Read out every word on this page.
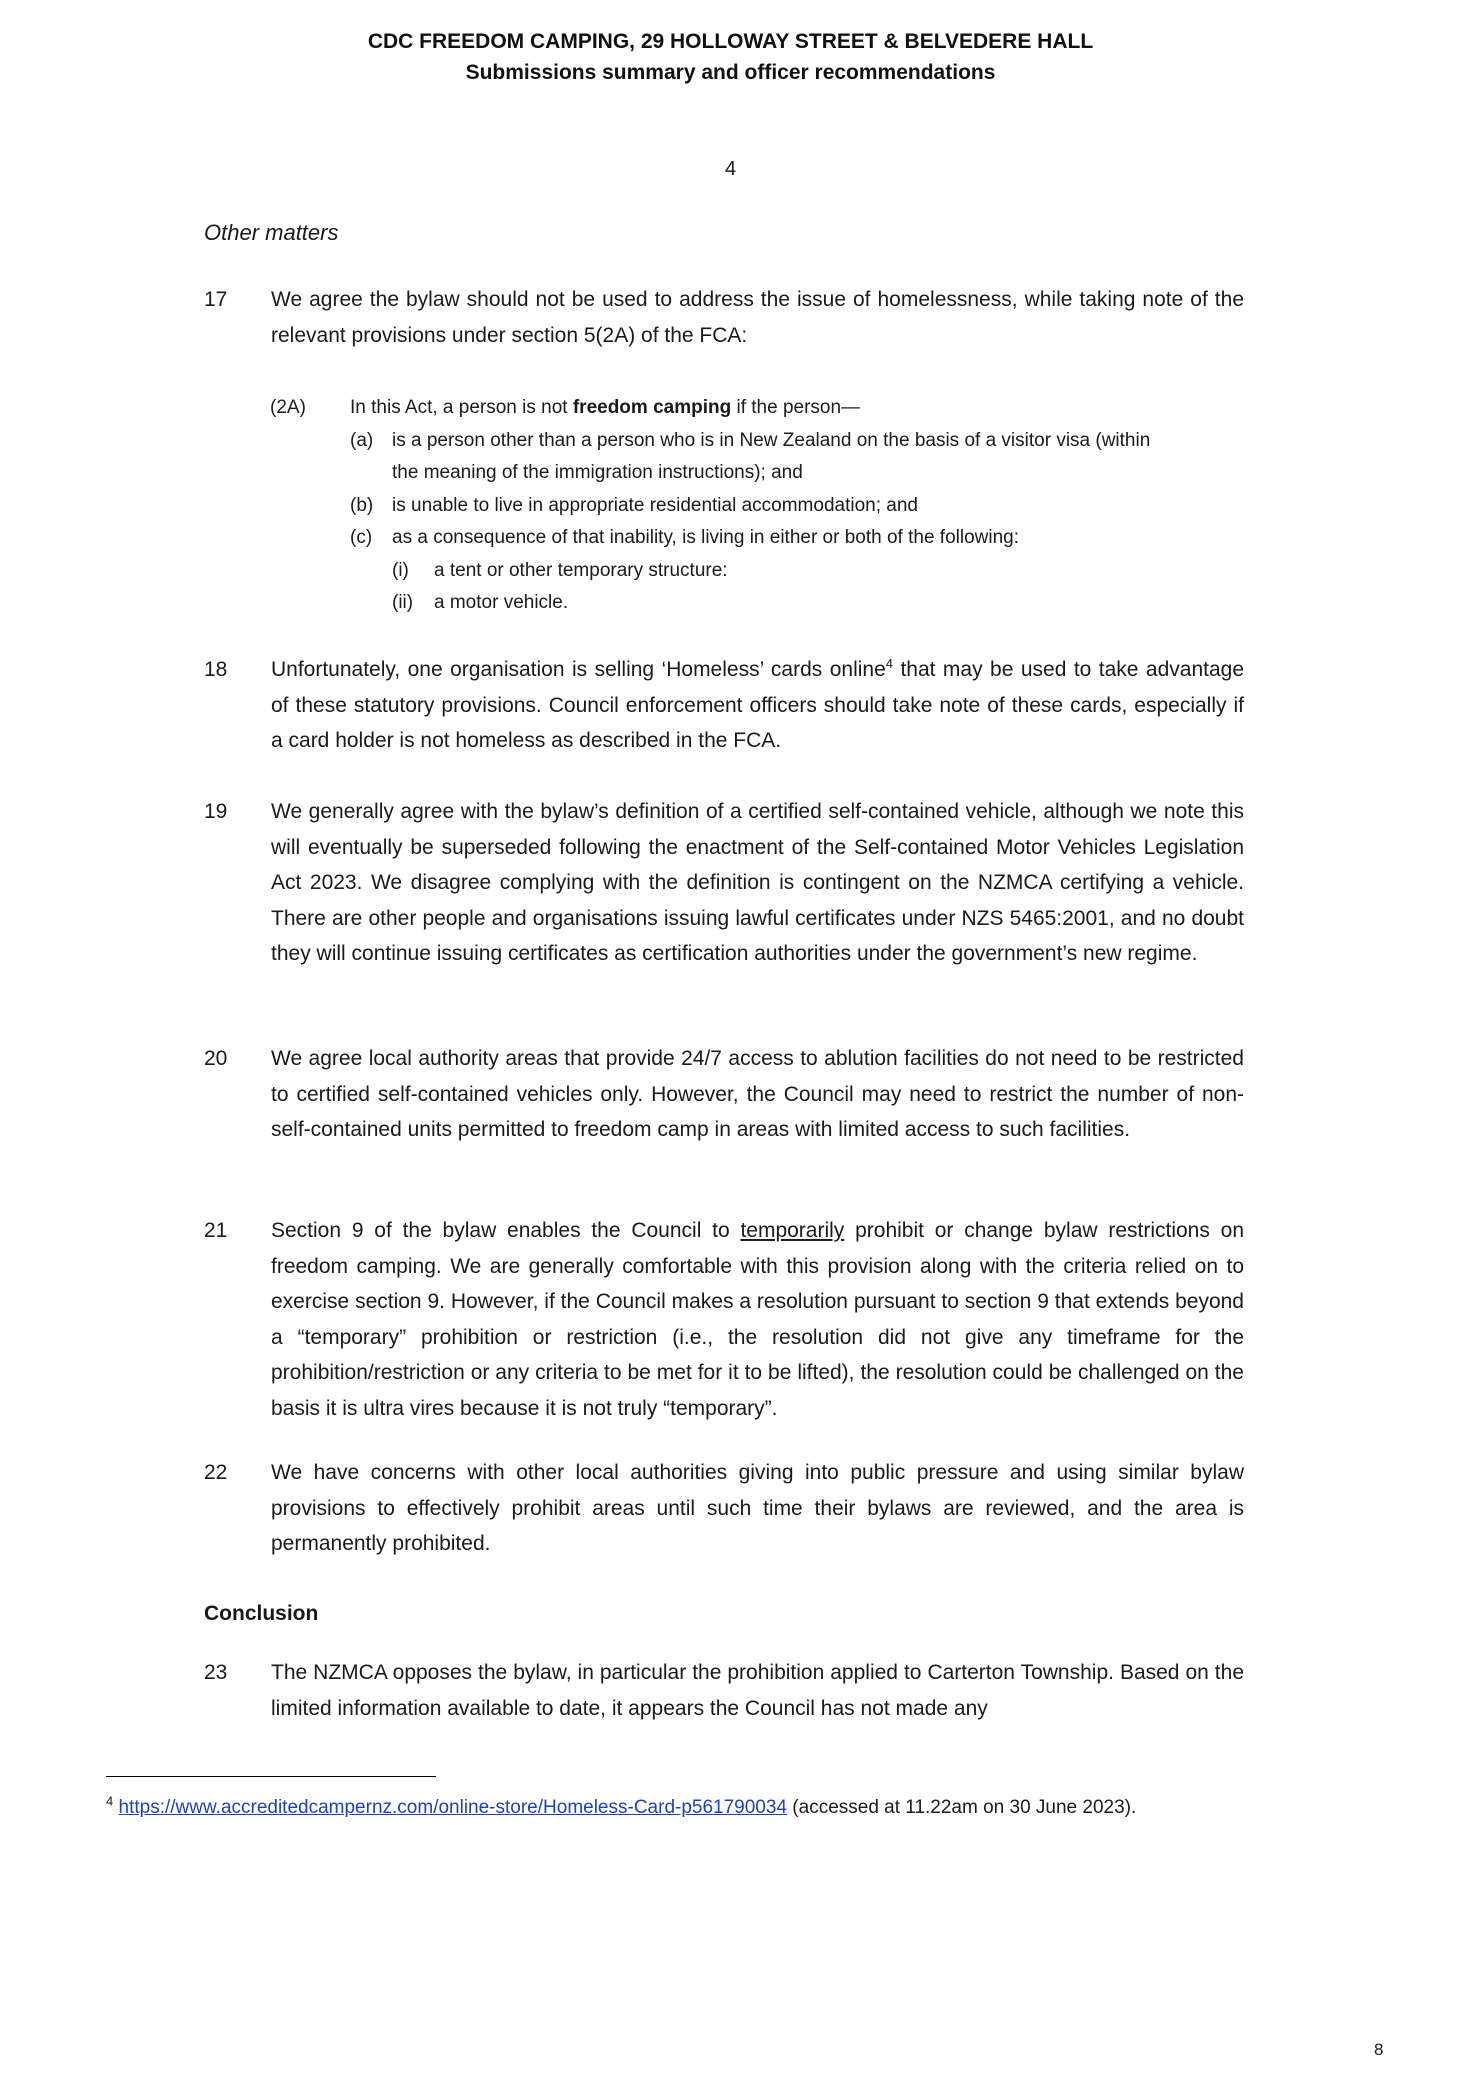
CDC FREEDOM CAMPING, 29 HOLLOWAY STREET & BELVEDERE HALL
Submissions summary and officer recommendations
4
Other matters
17 We agree the bylaw should not be used to address the issue of homelessness, while taking note of the relevant provisions under section 5(2A) of the FCA:
(2A) In this Act, a person is not freedom camping if the person—
(a) is a person other than a person who is in New Zealand on the basis of a visitor visa (within
the meaning of the immigration instructions); and
(b) is unable to live in appropriate residential accommodation; and
(c) as a consequence of that inability, is living in either or both of the following:
(i) a tent or other temporary structure:
(ii) a motor vehicle.
18 Unfortunately, one organisation is selling ‘Homeless’ cards online$^4$ that may be used to take advantage of these statutory provisions. Council enforcement officers should take note of these cards, especially if a card holder is not homeless as described in the FCA.
19 We generally agree with the bylaw’s definition of a certified self-contained vehicle, although we note this will eventually be superseded following the enactment of the Self-contained Motor Vehicles Legislation Act 2023. We disagree complying with the definition is contingent on the NZMCA certifying a vehicle. There are other people and organisations issuing lawful certificates under NZS 5465:2001, and no doubt they will continue issuing certificates as certification authorities under the government’s new regime.
20 We agree local authority areas that provide 24/7 access to ablution facilities do not need to be restricted to certified self-contained vehicles only. However, the Council may need to restrict the number of non-self-contained units permitted to freedom camp in areas with limited access to such facilities.
21 Section 9 of the bylaw enables the Council to temporarily prohibit or change bylaw restrictions on freedom camping. We are generally comfortable with this provision along with the criteria relied on to exercise section 9. However, if the Council makes a resolution pursuant to section 9 that extends beyond a “temporary” prohibition or restriction (i.e., the resolution did not give any timeframe for the prohibition/restriction or any criteria to be met for it to be lifted), the resolution could be challenged on the basis it is ultra vires because it is not truly “temporary”.
22 We have concerns with other local authorities giving into public pressure and using similar bylaw provisions to effectively prohibit areas until such time their bylaws are reviewed, and the area is permanently prohibited.
Conclusion
23 The NZMCA opposes the bylaw, in particular the prohibition applied to Carterton Township. Based on the limited information available to date, it appears the Council has not made any
$^4$ https://www.accreditedcampernz.com/online-store/Homeless-Card-p561790034 (accessed at 11.22am on 30 June 2023).
8
